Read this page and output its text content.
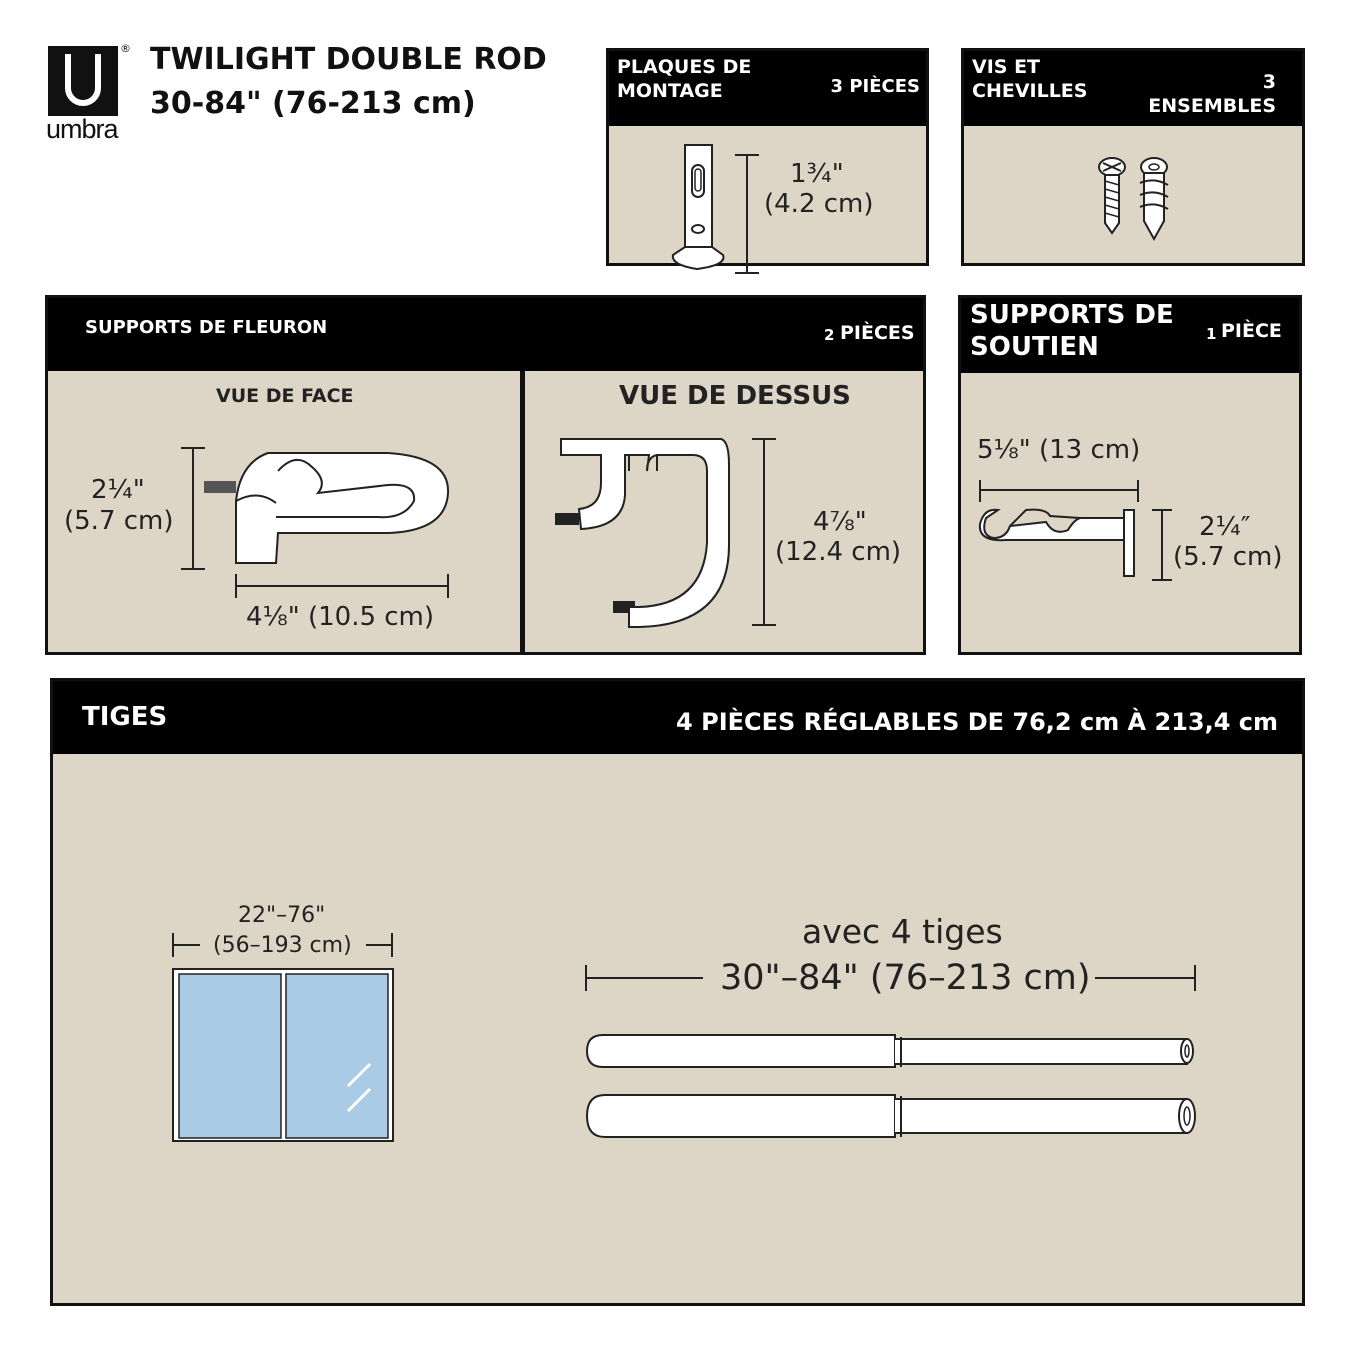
®
umbra
TWILIGHT DOUBLE ROD
30-84" (76-213 cm)
PLAQUES DE
MONTAGE	3 PIÈCES
1¾"
(4.2 cm)
VIS ET
CHEVILLES	3
ENSEMBLES
SUPPORTS DE FLEURON	2 PIÈCES
VUE DE FACE
2¼"
(5.7 cm)
4⅛" (10.5 cm)
VUE DE DESSUS
4⅞"
(12.4 cm)
SUPPORTS DE
SOUTIEN	1 PIÈCE
5⅛" (13 cm)
2¼″
(5.7 cm)
TIGES	4 PIÈCES RÉGLABLES DE 76,2 cm À 213,4 cm
22"–76"
(56–193 cm)	avec 4 tiges
30"–84" (76–213 cm)
